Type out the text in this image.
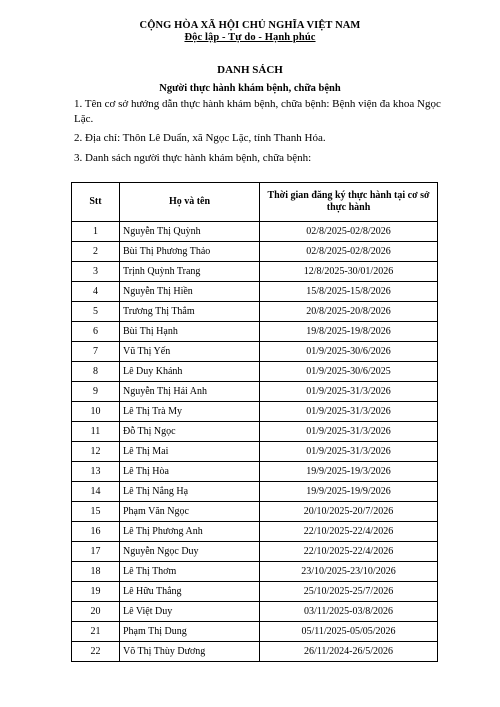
CỘNG HÒA XÃ HỘI CHỦ NGHĨA VIỆT NAM
Độc lập - Tự do - Hạnh phúc
DANH SÁCH
Người thực hành khám bệnh, chữa bệnh
1. Tên cơ sở hướng dẫn thực hành khám bệnh, chữa bệnh: Bệnh viện đa khoa Ngọc Lặc.
2. Địa chỉ: Thôn Lê Duẩn, xã Ngọc Lặc, tỉnh Thanh Hóa.
3. Danh sách người thực hành khám bệnh, chữa bệnh:
Stt	Họ và tên	Thời gian đăng ký thực hành tại cơ sở thực hành
1	Nguyễn Thị Quỳnh	02/8/2025-02/8/2026
2	Bùi Thị Phương Thảo	02/8/2025-02/8/2026
3	Trịnh Quỳnh Trang	12/8/2025-30/01/2026
4	Nguyễn Thị Hiền	15/8/2025-15/8/2026
5	Trương Thị Thắm	20/8/2025-20/8/2026
6	Bùi Thị Hạnh	19/8/2025-19/8/2026
7	Vũ Thị Yến	01/9/2025-30/6/2026
8	Lê Duy Khánh	01/9/2025-30/6/2025
9	Nguyễn Thị Hải Anh	01/9/2025-31/3/2026
10	Lê Thị Trà My	01/9/2025-31/3/2026
11	Đỗ Thị Ngọc	01/9/2025-31/3/2026
12	Lê Thị Mai	01/9/2025-31/3/2026
13	Lê Thị Hòa	19/9/2025-19/3/2026
14	Lê Thị Nắng Hạ	19/9/2025-19/9/2026
15	Phạm Văn Ngọc	20/10/2025-20/7/2026
16	Lê Thị Phương Anh	22/10/2025-22/4/2026
17	Nguyễn Ngọc Duy	22/10/2025-22/4/2026
18	Lê Thị Thơm	23/10/2025-23/10/2026
19	Lê Hữu Thắng	25/10/2025-25/7/2026
20	Lê Việt Duy	03/11/2025-03/8/2026
21	Phạm Thị Dung	05/11/2025-05/05/2026
22	Võ Thị Thùy Dương	26/11/2024-26/5/2026
